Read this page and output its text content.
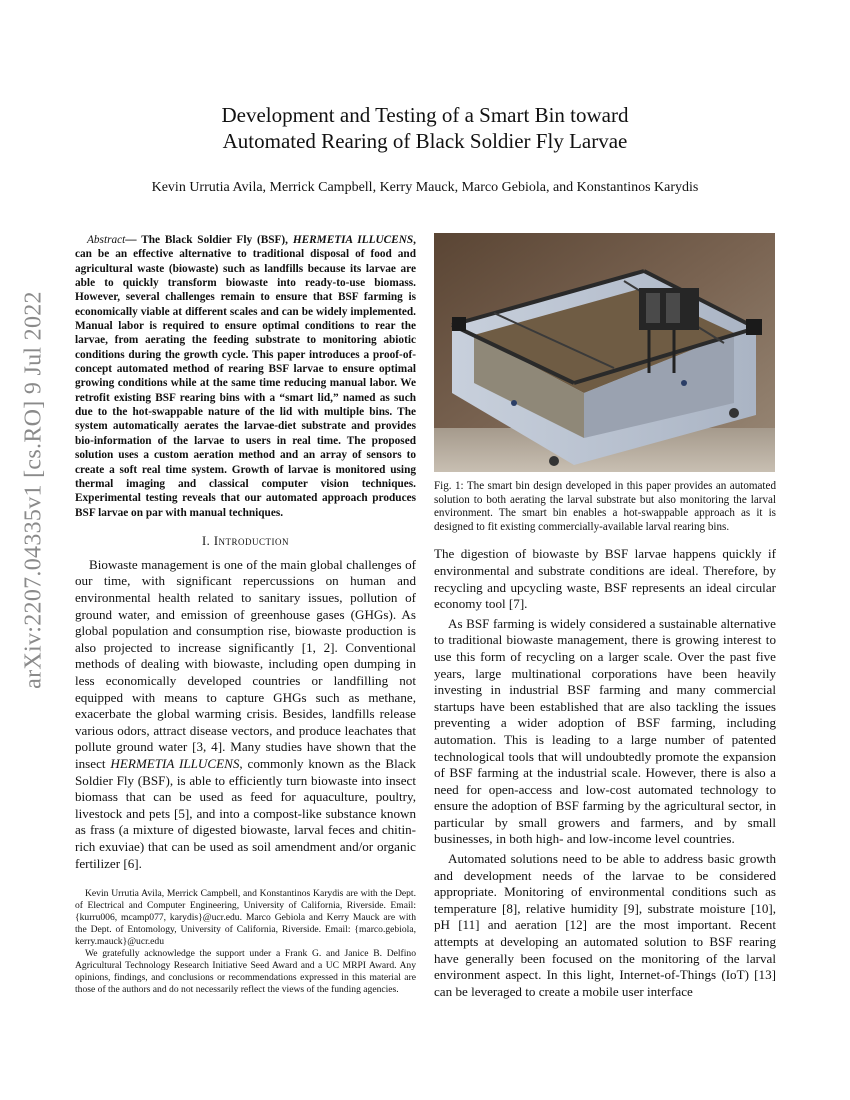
arXiv:2207.04335v1 [cs.RO] 9 Jul 2022
Development and Testing of a Smart Bin toward
Automated Rearing of Black Soldier Fly Larvae
Kevin Urrutia Avila, Merrick Campbell, Kerry Mauck, Marco Gebiola, and Konstantinos Karydis

Abstract— The Black Soldier Fly (BSF), HERMETIA ILLUCENS, can be an effective alternative to traditional disposal of food and agricultural waste (biowaste) such as landfills because its larvae are able to quickly transform biowaste into ready-to-use biomass. However, several challenges remain to ensure that BSF farming is economically viable at different scales and can be widely implemented. Manual labor is required to ensure optimal conditions to rear the larvae, from aerating the feeding substrate to monitoring abiotic conditions during the growth cycle. This paper introduces a proof-of-concept automated method of rearing BSF larvae to ensure optimal growing conditions while at the same time reducing manual labor. We retrofit existing BSF rearing bins with a “smart lid,” named as such due to the hot-swappable nature of the lid with multiple bins. The system automatically aerates the larvae-diet substrate and provides bio-information of the larvae to users in real time. The proposed solution uses a custom aeration method and an array of sensors to create a soft real time system. Growth of larvae is monitored using thermal imaging and classical computer vision techniques. Experimental testing reveals that our automated approach produces BSF larvae on par with manual techniques.

I. Introduction

Biowaste management is one of the main global challenges of our time, with significant repercussions on human and environmental health related to sanitary issues, pollution of ground water, and emission of greenhouse gases (GHGs). As global population and consumption rise, biowaste production is also projected to increase significantly [1, 2]. Conventional methods of dealing with biowaste, including open dumping in less economically developed countries or landfilling not equipped with means to capture GHGs such as methane, exacerbate the global warming crisis. Besides, landfills release various odors, attract disease vectors, and produce leachates that pollute ground water [3, 4]. Many studies have shown that the insect HERMETIA ILLUCENS, commonly known as the Black Soldier Fly (BSF), is able to efficiently turn biowaste into insect biomass that can be used as feed for aquaculture, poultry, livestock and pets [5], and into a compost-like substance known as frass (a mixture of digested biowaste, larval feces and chitin-rich exuviae) that can be used as soil amendment and/or organic fertilizer [6].

Kevin Urrutia Avila, Merrick Campbell, and Konstantinos Karydis are with the Dept. of Electrical and Computer Engineering, University of California, Riverside. Email: {kurru006, mcamp077, karydis}@ucr.edu. Marco Gebiola and Kerry Mauck are with the Dept. of Entomology, University of California, Riverside. Email: {marco.gebiola, kerry.mauck}@ucr.edu

We gratefully acknowledge the support under a Frank G. and Janice B. Delfino Agricultural Technology Research Initiative Seed Award and a UC MRPI Award. Any opinions, findings, and conclusions or recommendations expressed in this material are those of the authors and do not necessarily reflect the views of the funding agencies.

Fig. 1: The smart bin design developed in this paper provides an automated solution to both aerating the larval substrate but also monitoring the larval environment. The smart bin enables a hot-swappable approach as it is designed to fit existing commercially-available larval rearing bins.

The digestion of biowaste by BSF larvae happens quickly if environmental and substrate conditions are ideal. Therefore, by recycling and upcycling waste, BSF represents an ideal circular economy tool [7].

As BSF farming is widely considered a sustainable alternative to traditional biowaste management, there is growing interest to use this form of recycling on a larger scale. Over the past five years, large multinational corporations have been heavily investing in industrial BSF farming and many commercial startups have been established that are also tackling the issues preventing a wider adoption of BSF farming, including automation. This is leading to a large number of patented technological tools that will undoubtedly promote the expansion of BSF farming at the industrial scale. However, there is also a need for open-access and low-cost automated technology to ensure the adoption of BSF farming by the agricultural sector, in particular by small growers and farmers, and by small businesses, in both high- and low-income level countries.

Automated solutions need to be able to address basic growth and development needs of the larvae to be considered appropriate. Monitoring of environmental conditions such as temperature [8], relative humidity [9], substrate moisture [10], pH [11] and aeration [12] are the most important. Recent attempts at developing an automated solution to BSF rearing have generally been focused on the monitoring of the larval environment aspect. In this light, Internet-of-Things (IoT) [13] can be leveraged to create a mobile user interface
